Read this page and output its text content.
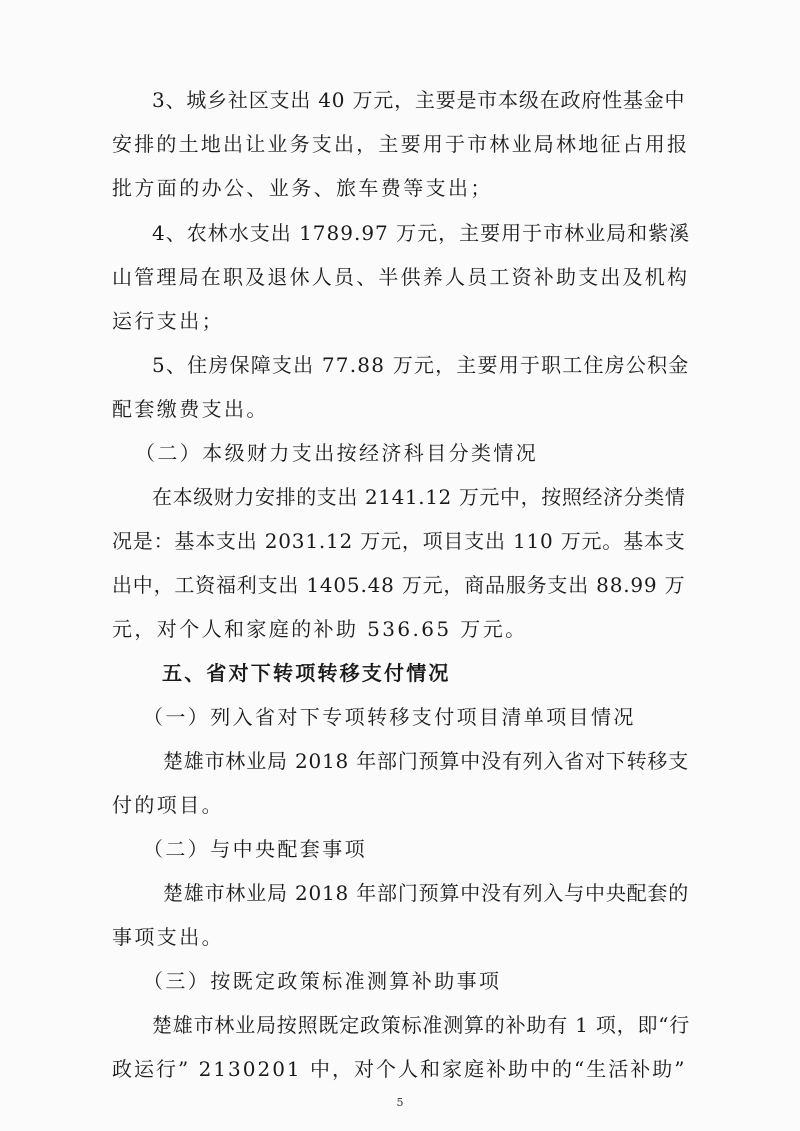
3、城乡社区支出 40 万元，主要是市本级在政府性基金中
安排的土地出让业务支出，主要用于市林业局林地征占用报
批方面的办公、业务、旅车费等支出；
4、农林水支出 1789.97 万元，主要用于市林业局和紫溪
山管理局在职及退休人员、半供养人员工资补助支出及机构
运行支出；
5、住房保障支出 77.88 万元，主要用于职工住房公积金
配套缴费支出。
（二）本级财力支出按经济科目分类情况
在本级财力安排的支出 2141.12 万元中，按照经济分类情
况是：基本支出 2031.12 万元，项目支出 110 万元。基本支
出中，工资福利支出 1405.48 万元，商品服务支出 88.99 万
元，对个人和家庭的补助 536.65 万元。
五、省对下转项转移支付情况
（一）列入省对下专项转移支付项目清单项目情况
楚雄市林业局 2018 年部门预算中没有列入省对下转移支
付的项目。
（二）与中央配套事项
楚雄市林业局 2018 年部门预算中没有列入与中央配套的
事项支出。
（三）按既定政策标准测算补助事项
楚雄市林业局按照既定政策标准测算的补助有 1 项，即“行
政运行” 2130201 中，对个人和家庭补助中的“生活补助”
5
